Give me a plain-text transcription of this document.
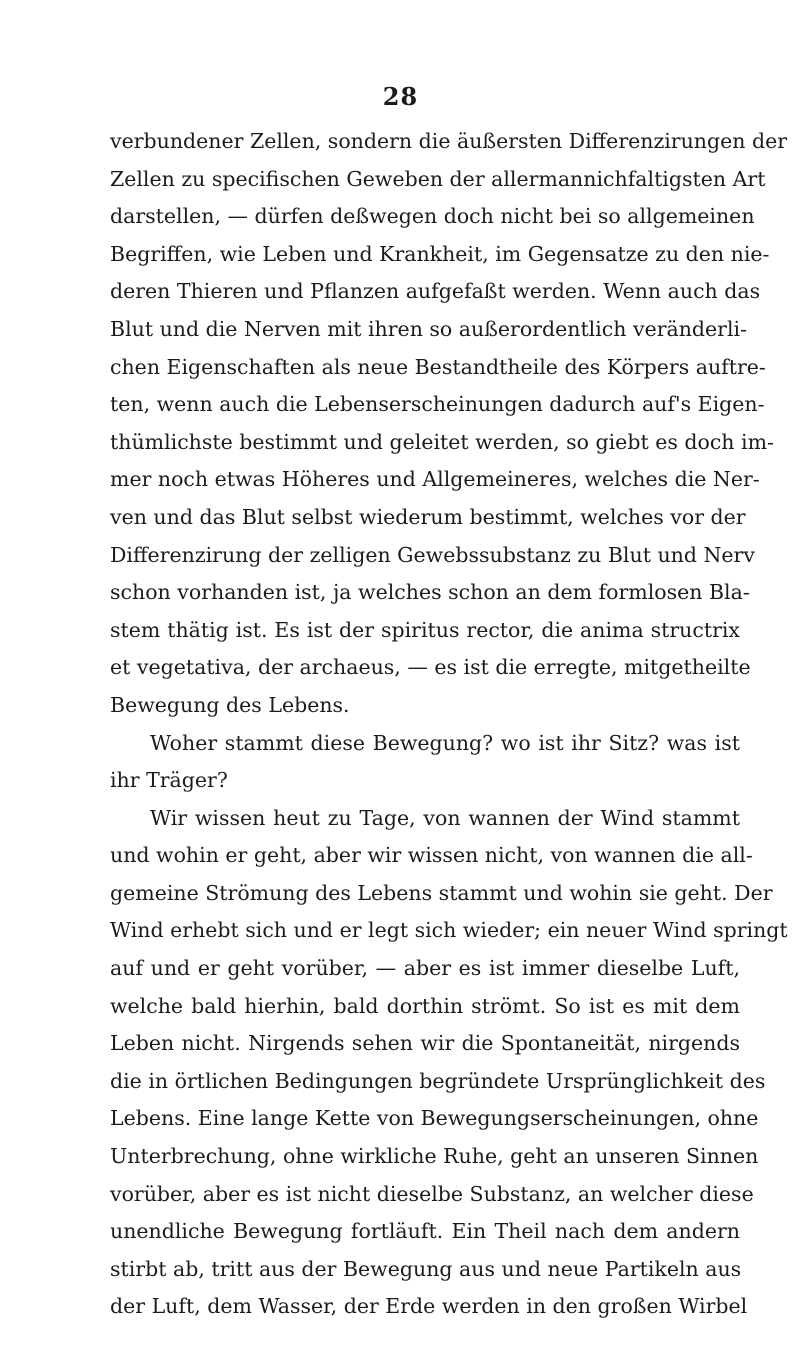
28
verbundener Zellen, sondern die äußersten Differenzirungen der
Zellen zu specifischen Geweben der allermannichfaltigsten Art
darstellen, — dürfen deßwegen doch nicht bei so allgemeinen
Begriffen, wie Leben und Krankheit, im Gegensatze zu den nie-
deren Thieren und Pflanzen aufgefaßt werden. Wenn auch das
Blut und die Nerven mit ihren so außerordentlich veränderli-
chen Eigenschaften als neue Bestandtheile des Körpers auftre-
ten, wenn auch die Lebenserscheinungen dadurch auf's Eigen-
thümlichste bestimmt und geleitet werden, so giebt es doch im-
mer noch etwas Höheres und Allgemeineres, welches die Ner-
ven und das Blut selbst wiederum bestimmt, welches vor der
Differenzirung der zelligen Gewebssubstanz zu Blut und Nerv
schon vorhanden ist, ja welches schon an dem formlosen Bla-
stem thätig ist. Es ist der spiritus rector, die anima structrix
et vegetativa, der archaeus, — es ist die erregte, mitgetheilte
Bewegung des Lebens.
Woher stammt diese Bewegung? wo ist ihr Sitz? was ist
ihr Träger?
Wir wissen heut zu Tage, von wannen der Wind stammt
und wohin er geht, aber wir wissen nicht, von wannen die all-
gemeine Strömung des Lebens stammt und wohin sie geht. Der
Wind erhebt sich und er legt sich wieder; ein neuer Wind springt
auf und er geht vorüber, — aber es ist immer dieselbe Luft,
welche bald hierhin, bald dorthin strömt. So ist es mit dem
Leben nicht. Nirgends sehen wir die Spontaneität, nirgends
die in örtlichen Bedingungen begründete Ursprünglichkeit des
Lebens. Eine lange Kette von Bewegungserscheinungen, ohne
Unterbrechung, ohne wirkliche Ruhe, geht an unseren Sinnen
vorüber, aber es ist nicht dieselbe Substanz, an welcher diese
unendliche Bewegung fortläuft. Ein Theil nach dem andern
stirbt ab, tritt aus der Bewegung aus und neue Partikeln aus
der Luft, dem Wasser, der Erde werden in den großen Wirbel
